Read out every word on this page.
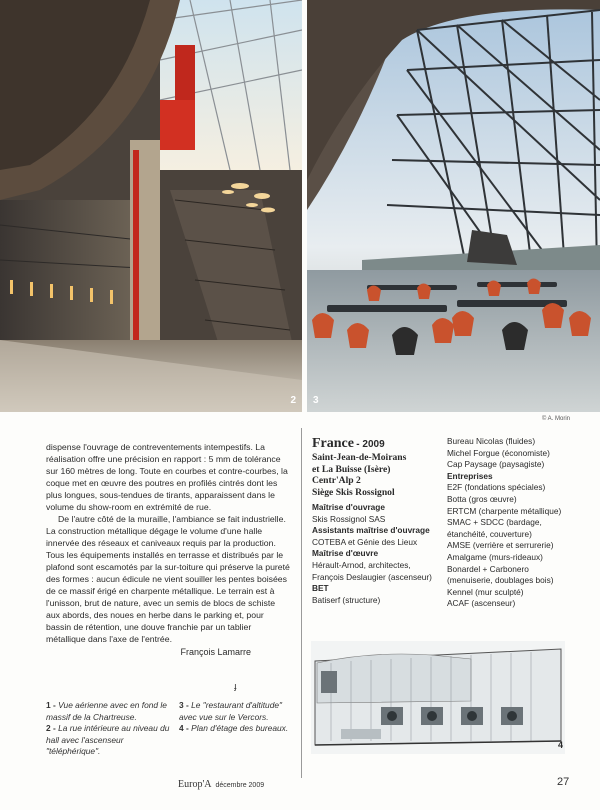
2 3
© A. Morin

dispense l'ouvrage de contreventements intempestifs. La réalisation offre une précision en rapport : 5 mm de tolérance sur 160 mètres de long. Toute en courbes et contre-courbes, la coque met en œuvre des poutres en profilés cintrés dont les plus longues, sous-tendues de tirants, apparaissent dans le volume du show-room en extrémité de rue.

De l'autre côté de la muraille, l'ambiance se fait industrielle. La construction métallique dégage le volume d'une halle innervée des réseaux et caniveaux requis par la production. Tous les équipements installés en terrasse et distribués par le plafond sont escamotés par la sur-toiture qui préserve la pureté des formes : aucun édicule ne vient souiller les pentes boisées de ce massif érigé en charpente métallique. Le terrain est à l'unisson, brut de nature, avec un semis de blocs de schiste aux abords, des noues en herbe dans le parking et, pour bassin de rétention, une douve franchie par un tablier métallique dans l'axe de l'entrée.

François Lamarre
ɟ
1 - Vue aérienne avec en fond le massif de la Chartreuse.
2 - La rue intérieure au niveau du hall avec l'ascenseur "téléphérique".
3 - Le "restaurant d'altitude" avec vue sur le Vercors.
4 - Plan d'étage des bureaux.
France - 2009
Saint-Jean-de-Moirans
et La Buisse (Isère)
Centr'Alp 2
Siège Skis Rossignol
Maîtrise d'ouvrage
Skis Rossignol SAS
Assistants maîtrise d'ouvrage
COTEBA et Génie des Lieux
Maîtrise d'œuvre
Hérault-Arnod, architectes,
François Deslaugier (ascenseur)
BET
Batiserf (structure)
Bureau Nicolas (fluides)
Michel Forgue (économiste)
Cap Paysage (paysagiste)
Entreprises
E2F (fondations spéciales)
Botta (gros œuvre)
ERTCM (charpente métallique)
SMAC + SDCC (bardage, étanchéité, couverture)
AMSE (verrière et serrurerie)
Amalgame (murs-rideaux)
Bonardel + Carbonero (menuiserie, doublages bois)
Kennel (mur sculpté)
ACAF (ascenseur)
4
Europ'A décembre 2009	27
